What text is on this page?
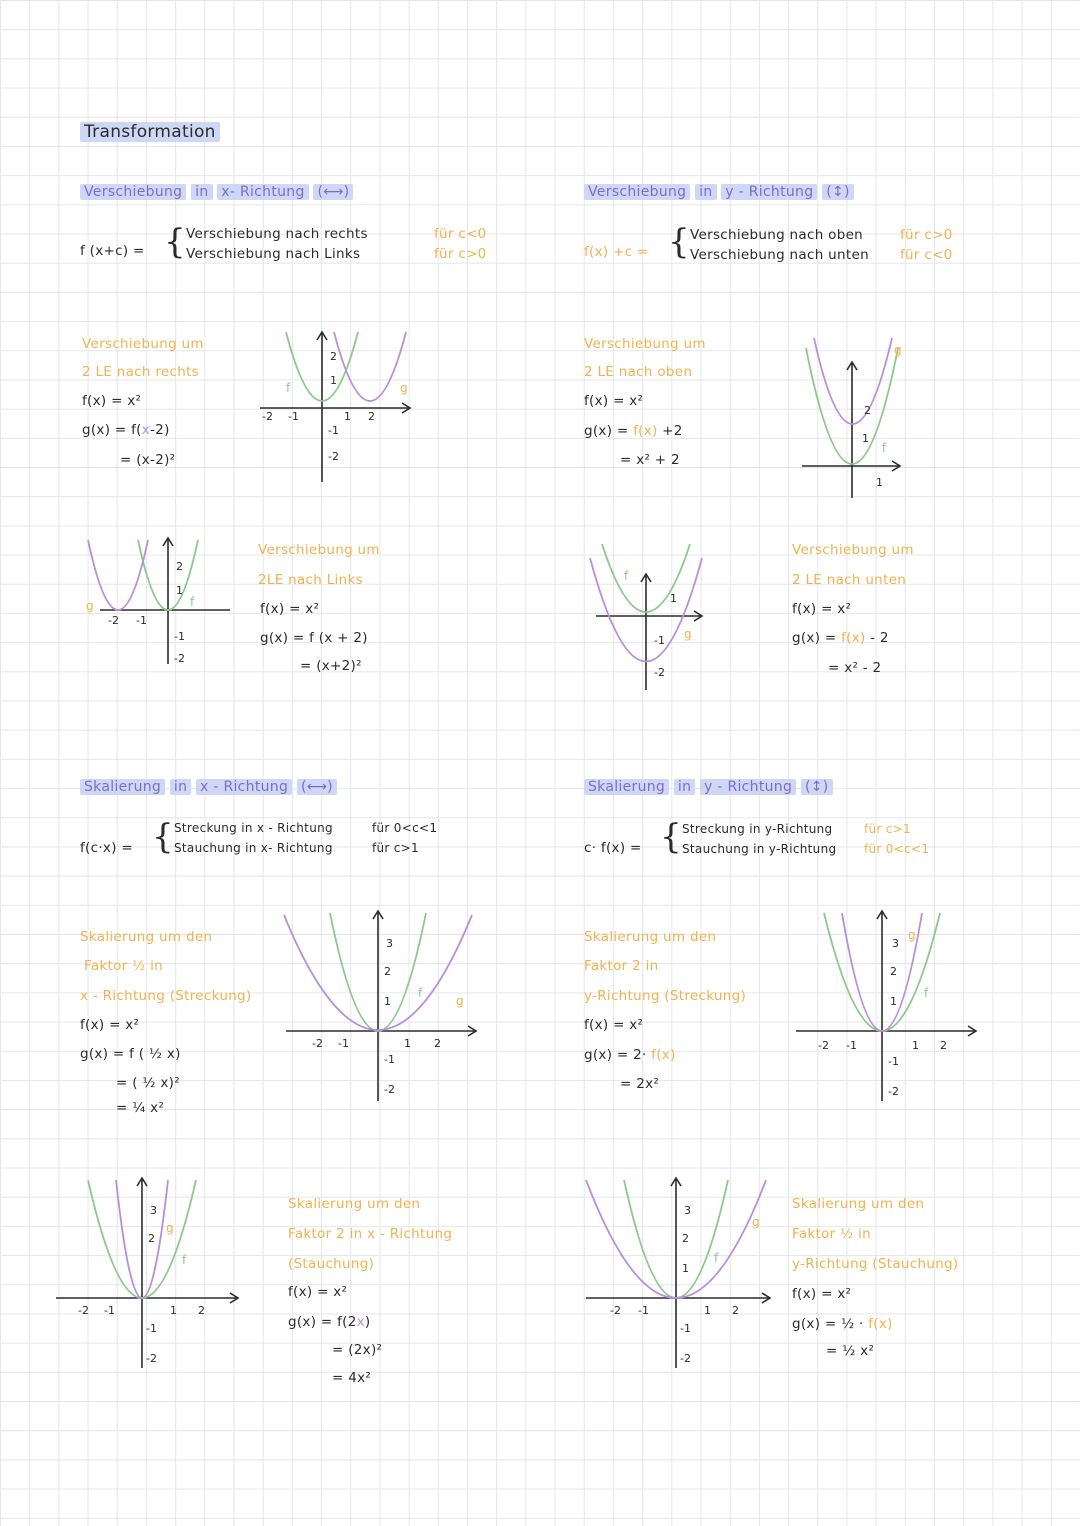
Transformation
Verschiebung in x- Richtung (⟷)
f (x+c) = { Verschiebung nach rechts	für c<0
Verschiebung nach Links	für c>0
Verschiebung um
2 LE nach rechts
f(x) = x²
g(x) = f(x-2)
= (x-2)²
Verschiebung um
2LE nach Links
f(x) = x²
g(x) = f (x + 2)
= (x+2)²
Verschiebung in y - Richtung (↕)
f(x) +c = { Verschiebung nach oben	für c>0
Verschiebung nach unten für c<0
Verschiebung um
2 LE nach oben
f(x) = x²
g(x) = f(x) +2
= x² + 2
Verschiebung um
2 LE nach unten
f(x) = x²
g(x) = f(x) - 2
= x² - 2
Skalierung in x - Richtung (⟷)
f(c·x) = { Streckung in x - Richtung	für 0<c<1
Stauchung in x- Richtung	für c>1
Skalierung um den
Faktor ½ in
x - Richtung (Streckung)
f(x) = x²
g(x) = f ( ½ x)
= ( ½ x)²
= ¼ x²
Skalierung um den
Faktor 2 in x - Richtung
(Stauchung)
f(x) = x²
g(x) = f(2x)
= (2x)²
= 4x²
Skalierung in y - Richtung (↕)
c· f(x) = { Streckung in y-Richtung	für c>1
Stauchung in y-Richtung für 0<c<1
Skalierung um den
Faktor 2 in
y-Richtung (Streckung)
f(x) = x²
g(x) = 2· f(x)
= 2x²
Skalierung um den
Faktor ½ in
y-Richtung (Stauchung)
f(x) = x²
g(x) = ½ · f(x)
= ½ x²
f	g
2
1
-1
-2
-2 -1	1 2
f
g
2
1
1
f
g
2
1
-1
-2
-2 -1
f
g
1
-1
-2
f
g
3
2
1
-1
-2
-2 -1	1 2
f
g
3
2
1
-1
-2
-2 -1	1 2
f
g
3
2
-1
-2
-2 -1	1 2
f
g
3
2
1
-1
-2
-2 -1	1 2
